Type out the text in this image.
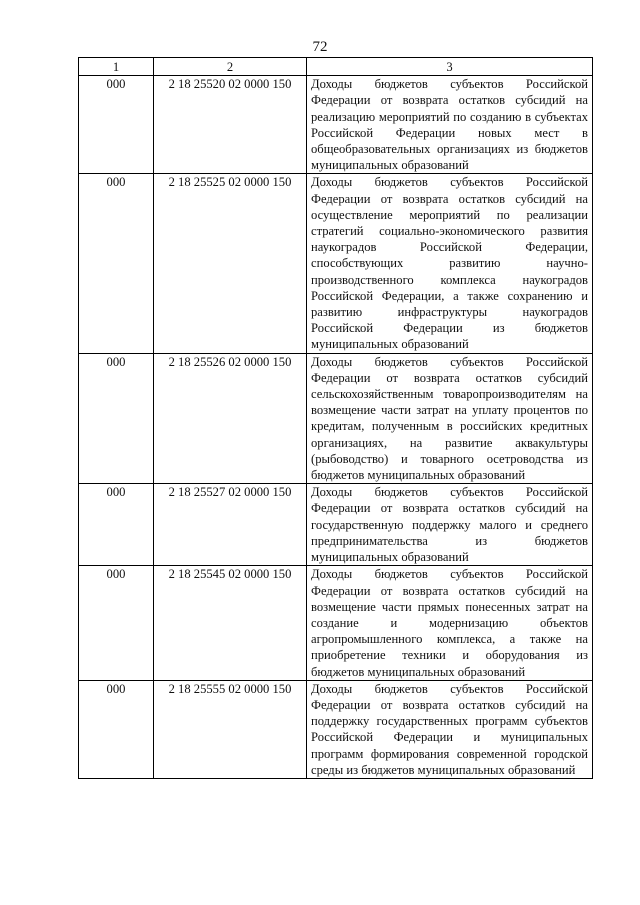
72
1	2	3
000	2 18 25520 02 0000 150	Доходы бюджетов субъектов Российской Федерации от возврата остатков субсидий на реализацию мероприятий по созданию в субъектах Российской Федерации новых мест в общеобразовательных организациях из бюджетов муниципальных образований
000	2 18 25525 02 0000 150	Доходы бюджетов субъектов Российской Федерации от возврата остатков субсидий на осуществление мероприятий по реализации стратегий социально-экономического развития наукоградов Российской Федерации, способствующих развитию научно-производственного комплекса наукоградов Российской Федерации, а также сохранению и развитию инфраструктуры наукоградов Российской Федерации из бюджетов муниципальных образований
000	2 18 25526 02 0000 150	Доходы бюджетов субъектов Российской Федерации от возврата остатков субсидий сельскохозяйственным товаропроизводителям на возмещение части затрат на уплату процентов по кредитам, полученным в российских кредитных организациях, на развитие аквакультуры (рыбоводство) и товарного осетроводства из бюджетов муниципальных образований
000	2 18 25527 02 0000 150	Доходы бюджетов субъектов Российской Федерации от возврата остатков субсидий на государственную поддержку малого и среднего предпринимательства из бюджетов муниципальных образований
000	2 18 25545 02 0000 150	Доходы бюджетов субъектов Российской Федерации от возврата остатков субсидий на возмещение части прямых понесенных затрат на создание и модернизацию объектов агропромышленного комплекса, а также на приобретение техники и оборудования из бюджетов муниципальных образований
000	2 18 25555 02 0000 150	Доходы бюджетов субъектов Российской Федерации от возврата остатков субсидий на поддержку государственных программ субъектов Российской Федерации и муниципальных программ формирования современной городской среды из бюджетов муниципальных образований
